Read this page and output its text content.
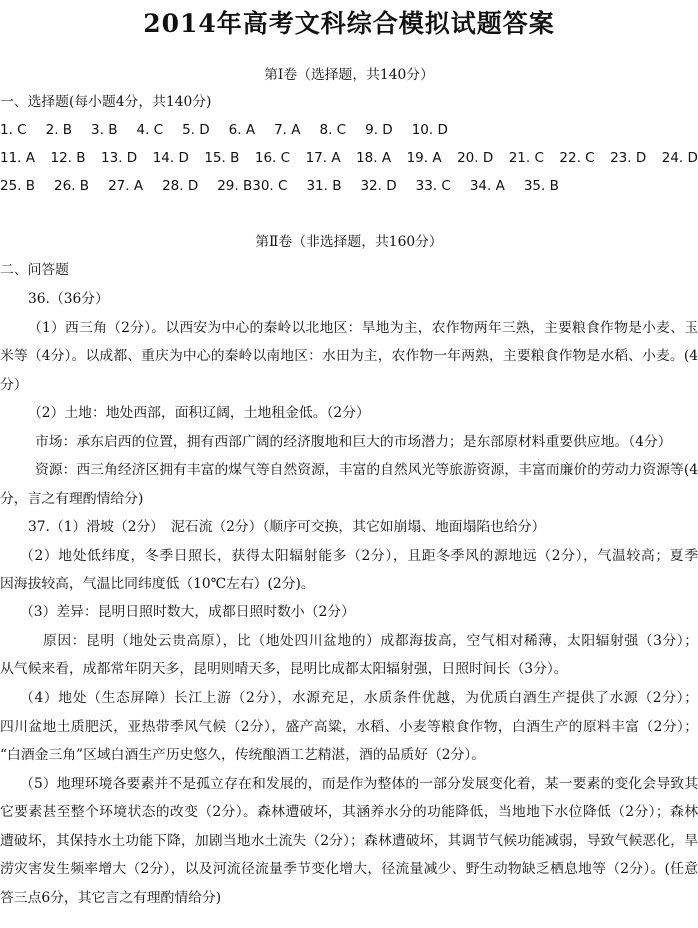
2014年高考文科综合模拟试题答案
第Ⅰ卷（选择题，共140分）
一、选择题(每小题4分，共140分)
1. C 2. B 3. B 4. C 5. D 6. A 7. A 8. C 9. D 10. D
11. A 12. B 13. D 14. D 15. B 16. C 17. A 18. A 19. A 20. D 21. C 22. C 23. D 24. D
25. B 26. B 27. A 28. D 29. B30. C 31. B 32. D 33. C 34. A 35. B
第Ⅱ卷（非选择题，共160分）
二、问答题
36.（36分）
（1）西三角（2分）。以西安为中心的秦岭以北地区：旱地为主，农作物两年三熟，主要粮食作物是小麦、玉
米等（4分）。以成都、重庆为中心的秦岭以南地区：水田为主，农作物一年两熟，主要粮食作物是水稻、小麦。(4
分）
（2）土地：地处西部，面积辽阔，土地租金低。（2分）
市场：承东启西的位置，拥有西部广阔的经济腹地和巨大的市场潜力；是东部原材料重要供应地。（4分）
资源：西三角经济区拥有丰富的煤气等自然资源，丰富的自然风光等旅游资源，丰富而廉价的劳动力资源等(4
分，言之有理酌情给分)
37.（1）滑坡（2分）　泥石流（2分）（顺序可交换，其它如崩塌、地面塌陷也给分）
（2）地处低纬度，冬季日照长，获得太阳辐射能多（2分），且距冬季风的源地远（2分），气温较高；夏季
因海拔较高，气温比同纬度低（10℃左右）(2分)。
（3）差异：昆明日照时数大，成都日照时数小（2分）
原因：昆明（地处云贵高原），比（地处四川盆地的）成都海拔高，空气相对稀薄，太阳辐射强（3分）；
从气候来看，成都常年阴天多，昆明则晴天多，昆明比成都太阳辐射强，日照时间长（3分）。
（4）地处（生态屏障）长江上游（2分），水源充足，水质条件优越，为优质白酒生产提供了水源（2分）；
四川盆地土质肥沃，亚热带季风气候（2分），盛产高粱，水稻、小麦等粮食作物，白酒生产的原料丰富（2分）；
“白酒金三角”区域白酒生产历史悠久，传统酿酒工艺精湛，酒的品质好（2分）。
（5）地理环境各要素并不是孤立存在和发展的，而是作为整体的一部分发展变化着，某一要素的变化会导致其
它要素甚至整个环境状态的改变（2分）。森林遭破坏，其涵养水分的功能降低，当地地下水位降低（2分）；森林
遭破坏，其保持水土功能下降，加剧当地水土流失（2分）；森林遭破坏，其调节气候功能减弱，导致气候恶化，旱
涝灾害发生频率增大（2分），以及河流径流量季节变化增大，径流量减少、野生动物缺乏栖息地等（2分）。(任意
答三点6分，其它言之有理酌情给分)
